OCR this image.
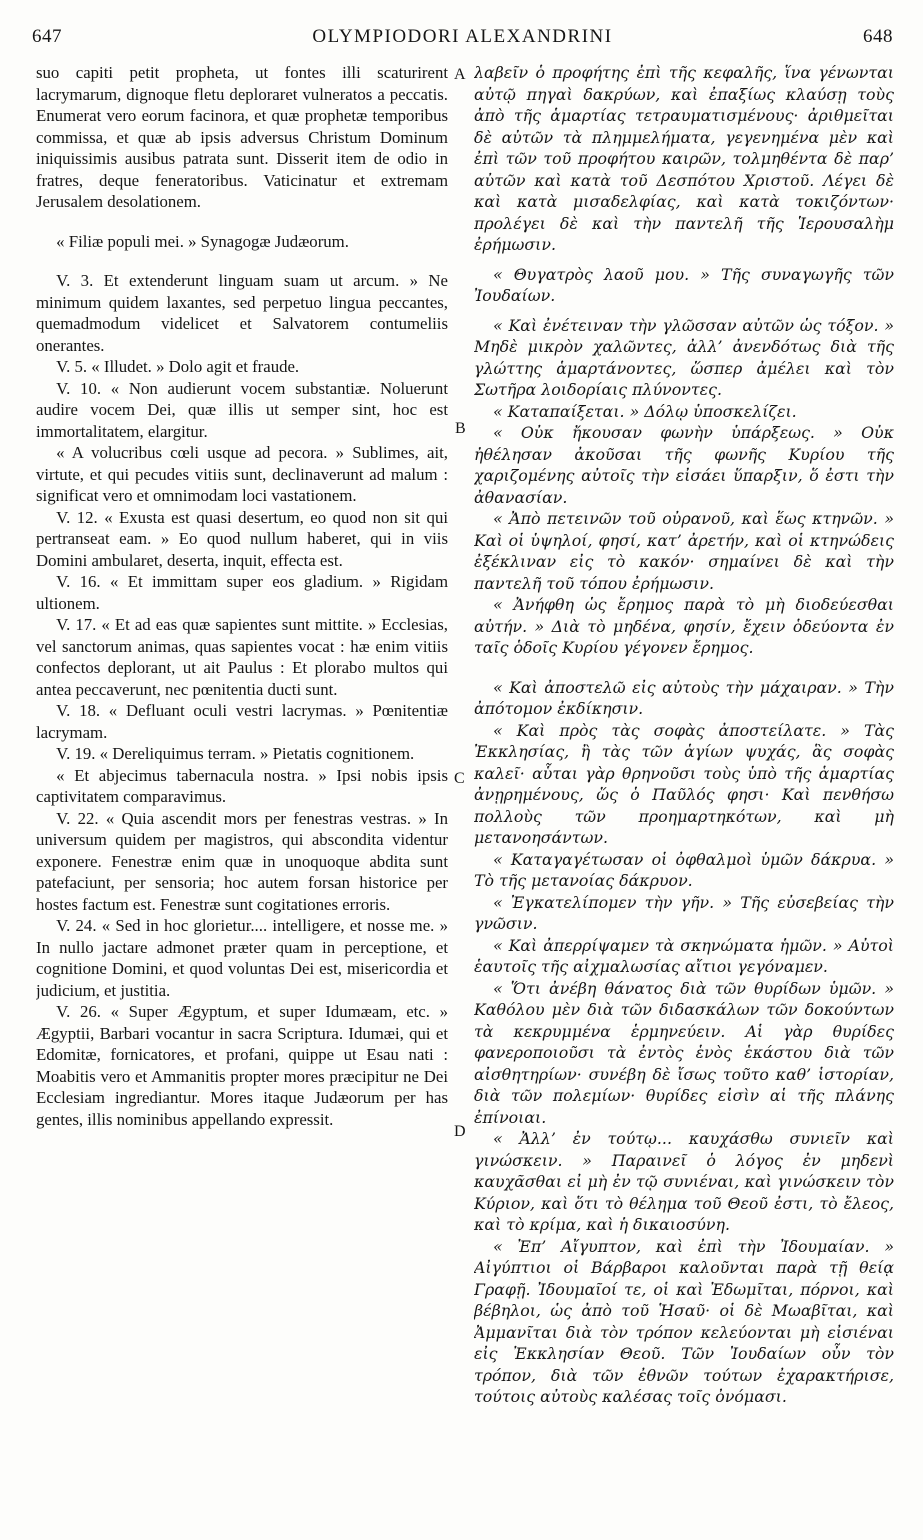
647	OLYMPIODORI ALEXANDRINI	648
A
B
C
D

suo capiti petit propheta, ut fontes illi scaturirent lacrymarum, dignoque fletu deploraret vulneratos a peccatis. Enumerat vero eorum facinora, et quæ prophetæ temporibus commissa, et quæ ab ipsis adversus Christum Dominum iniquissimis ausibus patrata sunt. Disserit item de odio in fratres, deque feneratoribus. Vaticinatur et extremam Jerusalem desolationem.

« Filiæ populi mei. » Synagogæ Judæorum.

V. 3. Et extenderunt linguam suam ut arcum. » Ne minimum quidem laxantes, sed perpetuo lingua peccantes, quemadmodum videlicet et Salvatorem contumeliis onerantes.

V. 5. « Illudet. » Dolo agit et fraude.

V. 10. « Non audierunt vocem substantiæ. Noluerunt audire vocem Dei, quæ illis ut semper sint, hoc est immortalitatem, elargitur.

« A volucribus cœli usque ad pecora. » Sublimes, ait, virtute, et qui pecudes vitiis sunt, declinaverunt ad malum : significat vero et omnimodam loci vastationem.

V. 12. « Exusta est quasi desertum, eo quod non sit qui pertranseat eam. » Eo quod nullum haberet, qui in viis Domini ambularet, deserta, inquit, effecta est.

V. 16. « Et immittam super eos gladium. » Rigidam ultionem.

V. 17. « Et ad eas quæ sapientes sunt mittite. » Ecclesias, vel sanctorum animas, quas sapientes vocat : hæ enim vitiis confectos deplorant, ut ait Paulus : Et plorabo multos qui antea peccaverunt, nec pœnitentia ducti sunt.

V. 18. « Defluant oculi vestri lacrymas. » Pœnitentiæ lacrymam.

V. 19. « Dereliquimus terram. » Pietatis cognitionem.

« Et abjecimus tabernacula nostra. » Ipsi nobis ipsis captivitatem comparavimus.

V. 22. « Quia ascendit mors per fenestras vestras. » In universum quidem per magistros, qui abscondita videntur exponere. Fenestræ enim quæ in unoquoque abdita sunt patefaciunt, per sensoria; hoc autem forsan historice per hostes factum est. Fenestræ sunt cogitationes erroris.

V. 24. « Sed in hoc glorietur.... intelligere, et nosse me. » In nullo jactare admonet præter quam in perceptione, et cognitione Domini, et quod voluntas Dei est, misericordia et judicium, et justitia.

V. 26. « Super Ægyptum, et super Idumæam, etc. » Ægyptii, Barbari vocantur in sacra Scriptura. Idumæi, qui et Edomitæ, fornicatores, et profani, quippe ut Esau nati : Moabitis vero et Ammanitis propter mores præcipitur ne Dei Ecclesiam ingrediantur. Mores itaque Judæorum per has gentes, illis nominibus appellando expressit.

λαβεῖν ὁ προφήτης ἐπὶ τῆς κεφαλῆς, ἵνα γένωνται αὐτῷ πηγαὶ δακρύων, καὶ ἐπαξίως κλαύσῃ τοὺς ἀπὸ τῆς ἁμαρτίας τετραυματισμένους· ἀριθμεῖται δὲ αὐτῶν τὰ πλημμελήματα, γεγενημένα μὲν καὶ ἐπὶ τῶν τοῦ προφήτου καιρῶν, τολμηθέντα δὲ παρ’ αὐτῶν καὶ κατὰ τοῦ Δεσπότου Χριστοῦ. Λέγει δὲ καὶ κατὰ μισαδελφίας, καὶ κατὰ τοκιζόντων· προλέγει δὲ καὶ τὴν παντελῆ τῆς Ἱερουσαλὴμ ἐρήμωσιν.

« Θυγατρὸς λαοῦ μου. » Τῆς συναγωγῆς τῶν Ἰουδαίων.

« Καὶ ἐνέτειναν τὴν γλῶσσαν αὐτῶν ὡς τόξον. » Μηδὲ μικρὸν χαλῶντες, ἀλλ’ ἀνενδότως διὰ τῆς γλώττης ἁμαρτάνοντες, ὥσπερ ἀμέλει καὶ τὸν Σωτῆρα λοιδορίαις πλύνοντες.

« Καταπαίξεται. » Δόλῳ ὑποσκελίζει.

« Οὐκ ἤκουσαν φωνὴν ὑπάρξεως. » Οὐκ ἠθέλησαν ἀκοῦσαι τῆς φωνῆς Κυρίου τῆς χαριζομένης αὐτοῖς τὴν εἰσάει ὕπαρξιν, ὅ ἐστι τὴν ἀθανασίαν.

« Ἀπὸ πετεινῶν τοῦ οὐρανοῦ, καὶ ἕως κτηνῶν. » Καὶ οἱ ὑψηλοί, φησί, κατ’ ἀρετήν, καὶ οἱ κτηνώδεις ἐξέκλιναν εἰς τὸ κακόν· σημαίνει δὲ καὶ τὴν παντελῆ τοῦ τόπου ἐρήμωσιν.

« Ἀνήφθη ὡς ἔρημος παρὰ τὸ μὴ διοδεύεσθαι αὐτήν. » Διὰ τὸ μηδένα, φησίν, ἔχειν ὁδεύοντα ἐν ταῖς ὁδοῖς Κυρίου γέγονεν ἔρημος.

« Καὶ ἀποστελῶ εἰς αὐτοὺς τὴν μάχαιραν. » Τὴν ἀπότομον ἐκδίκησιν.

« Καὶ πρὸς τὰς σοφὰς ἀποστείλατε. » Τὰς Ἐκκλησίας, ἢ τὰς τῶν ἁγίων ψυχάς, ἃς σοφὰς καλεῖ· αὗται γὰρ θρηνοῦσι τοὺς ὑπὸ τῆς ἁμαρτίας ἀνῃρημένους, ὥς ὁ Παῦλός φησι· Καὶ πενθήσω πολλοὺς τῶν προημαρτηκότων, καὶ μὴ μετανοησάντων.

« Καταγαγέτωσαν οἱ ὀφθαλμοὶ ὑμῶν δάκρυα. » Τὸ τῆς μετανοίας δάκρυον.

« Ἐγκατελίπομεν τὴν γῆν. » Τῆς εὐσεβείας τὴν γνῶσιν.

« Καὶ ἀπερρίψαμεν τὰ σκηνώματα ἡμῶν. » Αὐτοὶ ἑαυτοῖς τῆς αἰχμαλωσίας αἴτιοι γεγόναμεν.

« Ὅτι ἀνέβη θάνατος διὰ τῶν θυρίδων ὑμῶν. » Καθόλου μὲν διὰ τῶν διδασκάλων τῶν δοκούντων τὰ κεκρυμμένα ἑρμηνεύειν. Αἱ γὰρ θυρίδες φανεροποιοῦσι τὰ ἐντὸς ἑνὸς ἑκάστου διὰ τῶν αἰσθητηρίων· συνέβη δὲ ἴσως τοῦτο καθ’ ἱστορίαν, διὰ τῶν πολεμίων· θυρίδες εἰσὶν αἱ τῆς πλάνης ἐπίνοιαι.

« Ἀλλ’ ἐν τούτῳ... καυχάσθω συνιεῖν καὶ γινώσκειν. » Παραινεῖ ὁ λόγος ἐν μηδενὶ καυχᾶσθαι εἰ μὴ ἐν τῷ συνιέναι, καὶ γινώσκειν τὸν Κύριον, καὶ ὅτι τὸ θέλημα τοῦ Θεοῦ ἐστι, τὸ ἔλεος, καὶ τὸ κρίμα, καὶ ἡ δικαιοσύνη.

« Ἐπ’ Αἴγυπτον, καὶ ἐπὶ τὴν Ἰδουμαίαν. » Αἰγύπτιοι οἱ Βάρβαροι καλοῦνται παρὰ τῇ θείᾳ Γραφῇ. Ἰδουμαῖοί τε, οἱ καὶ Ἐδωμῖται, πόρνοι, καὶ βέβηλοι, ὡς ἀπὸ τοῦ Ἡσαῦ· οἱ δὲ Μωαβῖται, καὶ Ἀμμανῖται διὰ τὸν τρόπον κελεύονται μὴ εἰσιέναι εἰς Ἐκκλησίαν Θεοῦ. Τῶν Ἰουδαίων οὖν τὸν τρόπον, διὰ τῶν ἐθνῶν τούτων ἐχαρακτήρισε, τούτοις αὐτοὺς καλέσας τοῖς ὀνόμασι.
